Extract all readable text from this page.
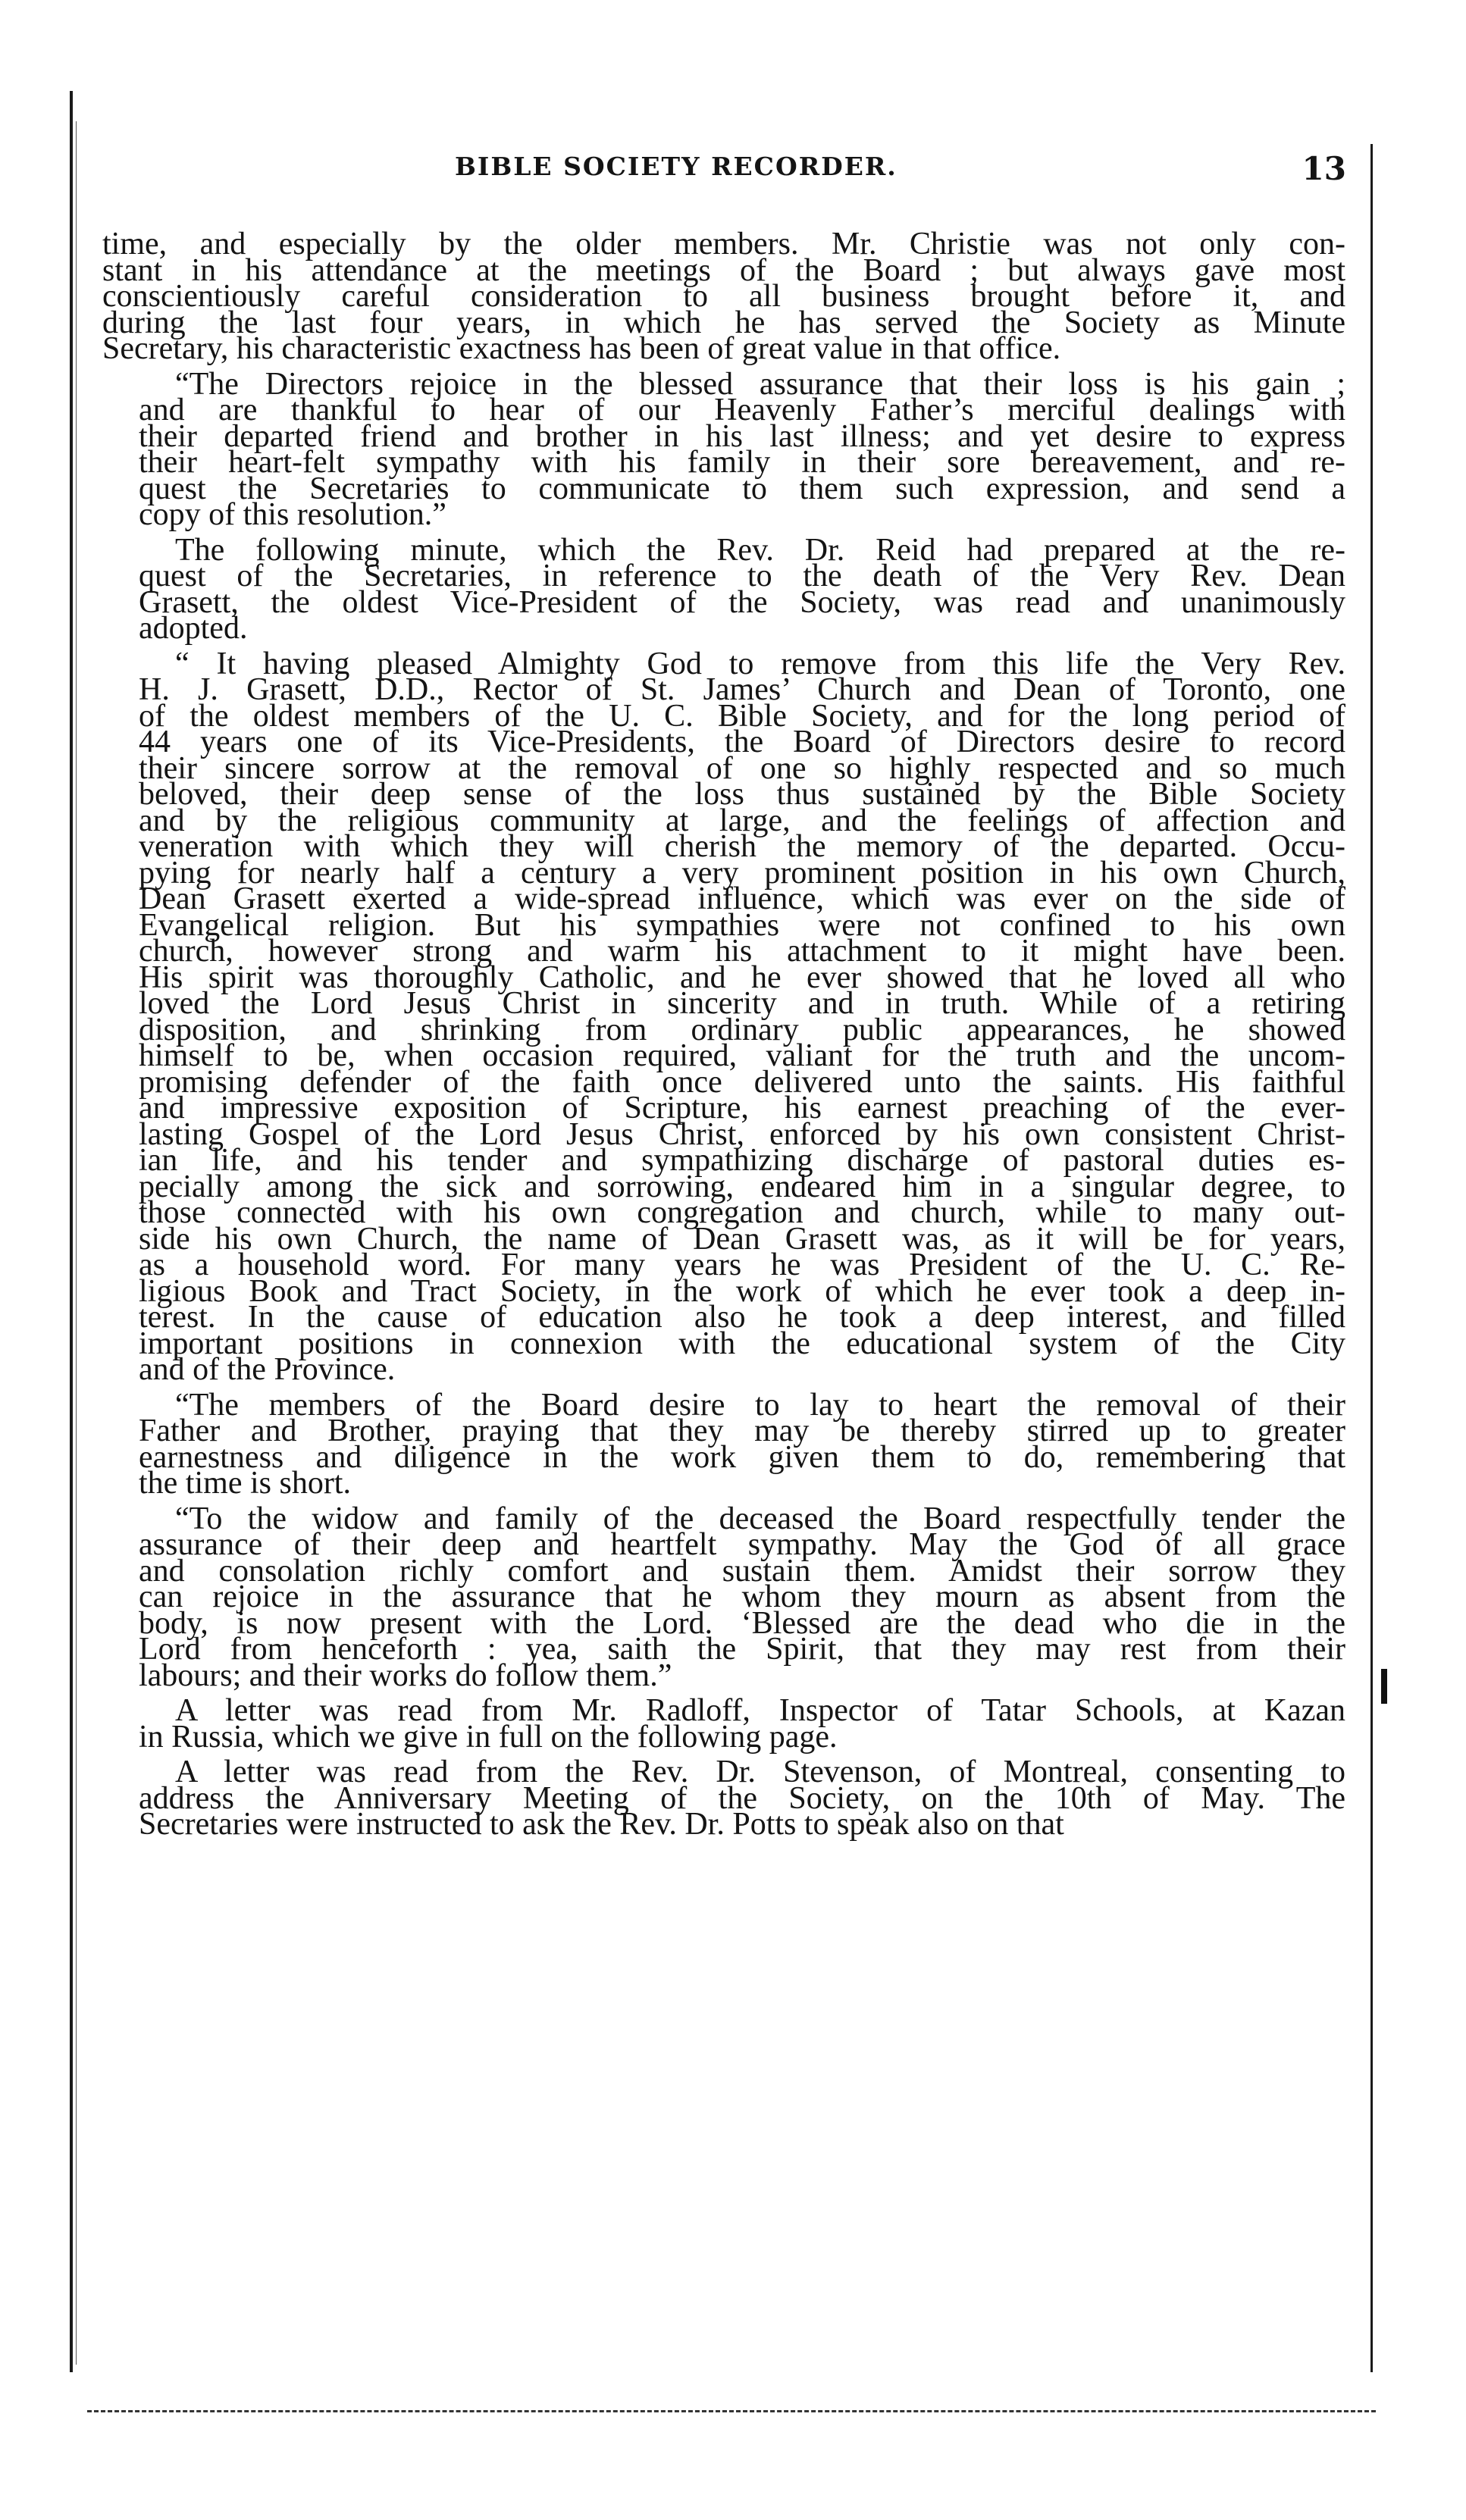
BIBLE SOCIETY RECORDER.	13
time, and especially by the older members. Mr. Christie was not only con-
stant in his attendance at the meetings of the Board ; but always gave most
conscientiously careful consideration to all business brought before it, and
during the last four years, in which he has served the Society as Minute
Secretary, his characteristic exactness has been of great value in that office.
“The Directors rejoice in the blessed assurance that their loss is his gain ;
and are thankful to hear of our Heavenly Father’s merciful dealings with
their departed friend and brother in his last illness; and yet desire to express
their heart-felt sympathy with his family in their sore bereavement, and re-
quest the Secretaries to communicate to them such expression, and send a
copy of this resolution.”
The following minute, which the Rev. Dr. Reid had prepared at the re-
quest of the Secretaries, in reference to the death of the Very Rev. Dean
Grasett, the oldest Vice-President of the Society, was read and unanimously
adopted.
“ It having pleased Almighty God to remove from this life the Very Rev.
H. J. Grasett, D.D., Rector of St. James’ Church and Dean of Toronto, one
of the oldest members of the U. C. Bible Society, and for the long period of
44 years one of its Vice-Presidents, the Board of Directors desire to record
their sincere sorrow at the removal of one so highly respected and so much
beloved, their deep sense of the loss thus sustained by the Bible Society
and by the religious community at large, and the feelings of affection and
veneration with which they will cherish the memory of the departed. Occu-
pying for nearly half a century a very prominent position in his own Church,
Dean Grasett exerted a wide-spread influence, which was ever on the side of
Evangelical religion. But his sympathies were not confined to his own
church, however strong and warm his attachment to it might have been.
His spirit was thoroughly Catholic, and he ever showed that he loved all who
loved the Lord Jesus Christ in sincerity and in truth. While of a retiring
disposition, and shrinking from ordinary public appearances, he showed
himself to be, when occasion required, valiant for the truth and the uncom-
promising defender of the faith once delivered unto the saints. His faithful
and impressive exposition of Scripture, his earnest preaching of the ever-
lasting Gospel of the Lord Jesus Christ, enforced by his own consistent Christ-
ian life, and his tender and sympathizing discharge of pastoral duties es-
pecially among the sick and sorrowing, endeared him in a singular degree, to
those connected with his own congregation and church, while to many out-
side his own Church, the name of Dean Grasett was, as it will be for years,
as a household word. For many years he was President of the U. C. Re-
ligious Book and Tract Society, in the work of which he ever took a deep in-
terest. In the cause of education also he took a deep interest, and filled
important positions in connexion with the educational system of the City
and of the Province.
“The members of the Board desire to lay to heart the removal of their
Father and Brother, praying that they may be thereby stirred up to greater
earnestness and diligence in the work given them to do, remembering that
the time is short.
“To the widow and family of the deceased the Board respectfully tender the
assurance of their deep and heartfelt sympathy. May the God of all grace
and consolation richly comfort and sustain them. Amidst their sorrow they
can rejoice in the assurance that he whom they mourn as absent from the
body, is now present with the Lord. ‘Blessed are the dead who die in the
Lord from henceforth : yea, saith the Spirit, that they may rest from their
labours; and their works do follow them.”
A letter was read from Mr. Radloff, Inspector of Tatar Schools, at Kazan
in Russia, which we give in full on the following page.
A letter was read from the Rev. Dr. Stevenson, of Montreal, consenting to
address the Anniversary Meeting of the Society, on the 10th of May. The
Secretaries were instructed to ask the Rev. Dr. Potts to speak also on that
